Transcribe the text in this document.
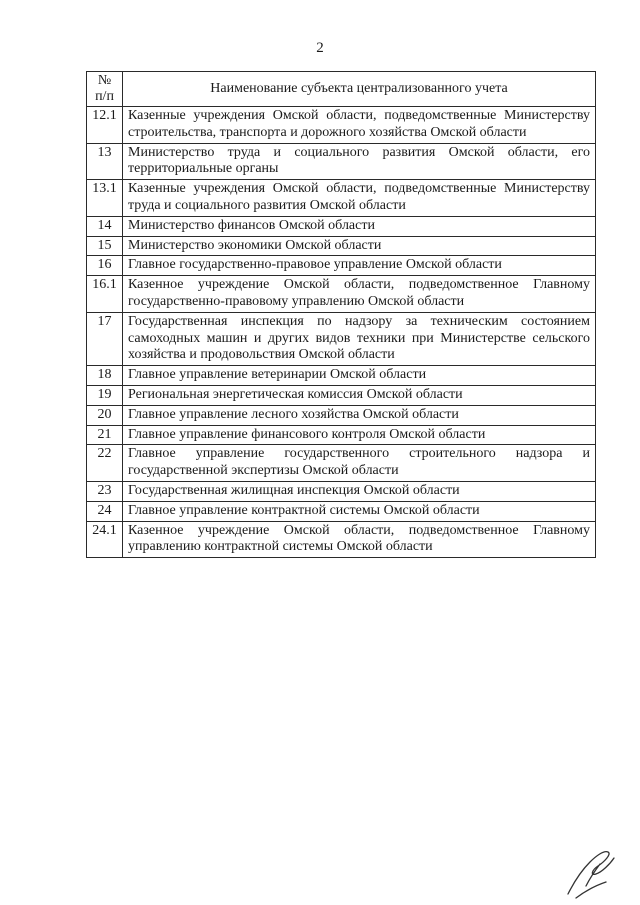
2
№
п/п	Наименование субъекта централизованного учета
12.1	Казенные учреждения Омской области, подведомственные Министерству строительства, транспорта и дорожного хозяйства Омской области
13	Министерство труда и социального развития Омской области, его территориальные органы
13.1	Казенные учреждения Омской области, подведомственные Министерству труда и социального развития Омской области
14	Министерство финансов Омской области
15	Министерство экономики Омской области
16	Главное государственно-правовое управление Омской области
16.1	Казенное учреждение Омской области, подведомственное Главному государственно-правовому управлению Омской области
17	Государственная инспекция по надзору за техническим состоянием самоходных машин и других видов техники при Министерстве сельского хозяйства и продовольствия Омской области
18	Главное управление ветеринарии Омской области
19	Региональная энергетическая комиссия Омской области
20	Главное управление лесного хозяйства Омской области
21	Главное управление финансового контроля Омской области
22	Главное управление государственного строительного надзора и государственной экспертизы Омской области
23	Государственная жилищная инспекция Омской области
24	Главное управление контрактной системы Омской области
24.1	Казенное учреждение Омской области, подведомственное Главному управлению контрактной системы Омской области
